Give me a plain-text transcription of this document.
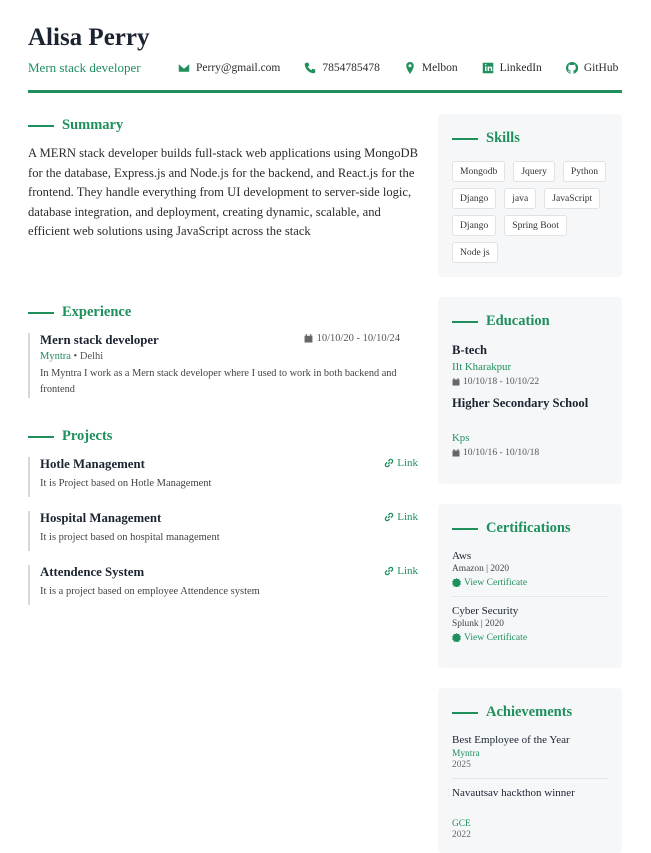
Alisa Perry
Mern stack developer	Perry@gmail.com	7854785478	Melbon	LinkedIn	GitHub
Summary

A MERN stack developer builds full-stack web applications using MongoDB for the database, Express.js and Node.js for the backend, and React.js for the frontend. They handle everything from UI development to server-side logic, database integration, and deployment, creating dynamic, scalable, and efficient web solutions using JavaScript across the stack

Experience
Mern stack developer	10/10/20 - 10/10/24
Myntra • Delhi
In Myntra I work as a Mern stack developer where I used to work in both backend and frontend
Projects
Hotle Management	Link
It is Project based on Hotle Management
Hospital Management	Link
It is project based on hospital management
Attendence System	Link
It is a project based on employee Attendence system
Skills
Mongodb	Jquery	Python
Django	java	JavaScript
Django	Spring Boot
Node js
Education
B-tech
IIt Kharakpur
10/10/18 - 10/10/22
Higher Secondary School
Kps
10/10/16 - 10/10/18
Certifications
Aws
Amazon | 2020
View Certificate
Cyber Security
Splunk | 2020
View Certificate
Achievements
Best Employee of the Year
Myntra
2025
Navautsav hackthon winner
GCE
2022
